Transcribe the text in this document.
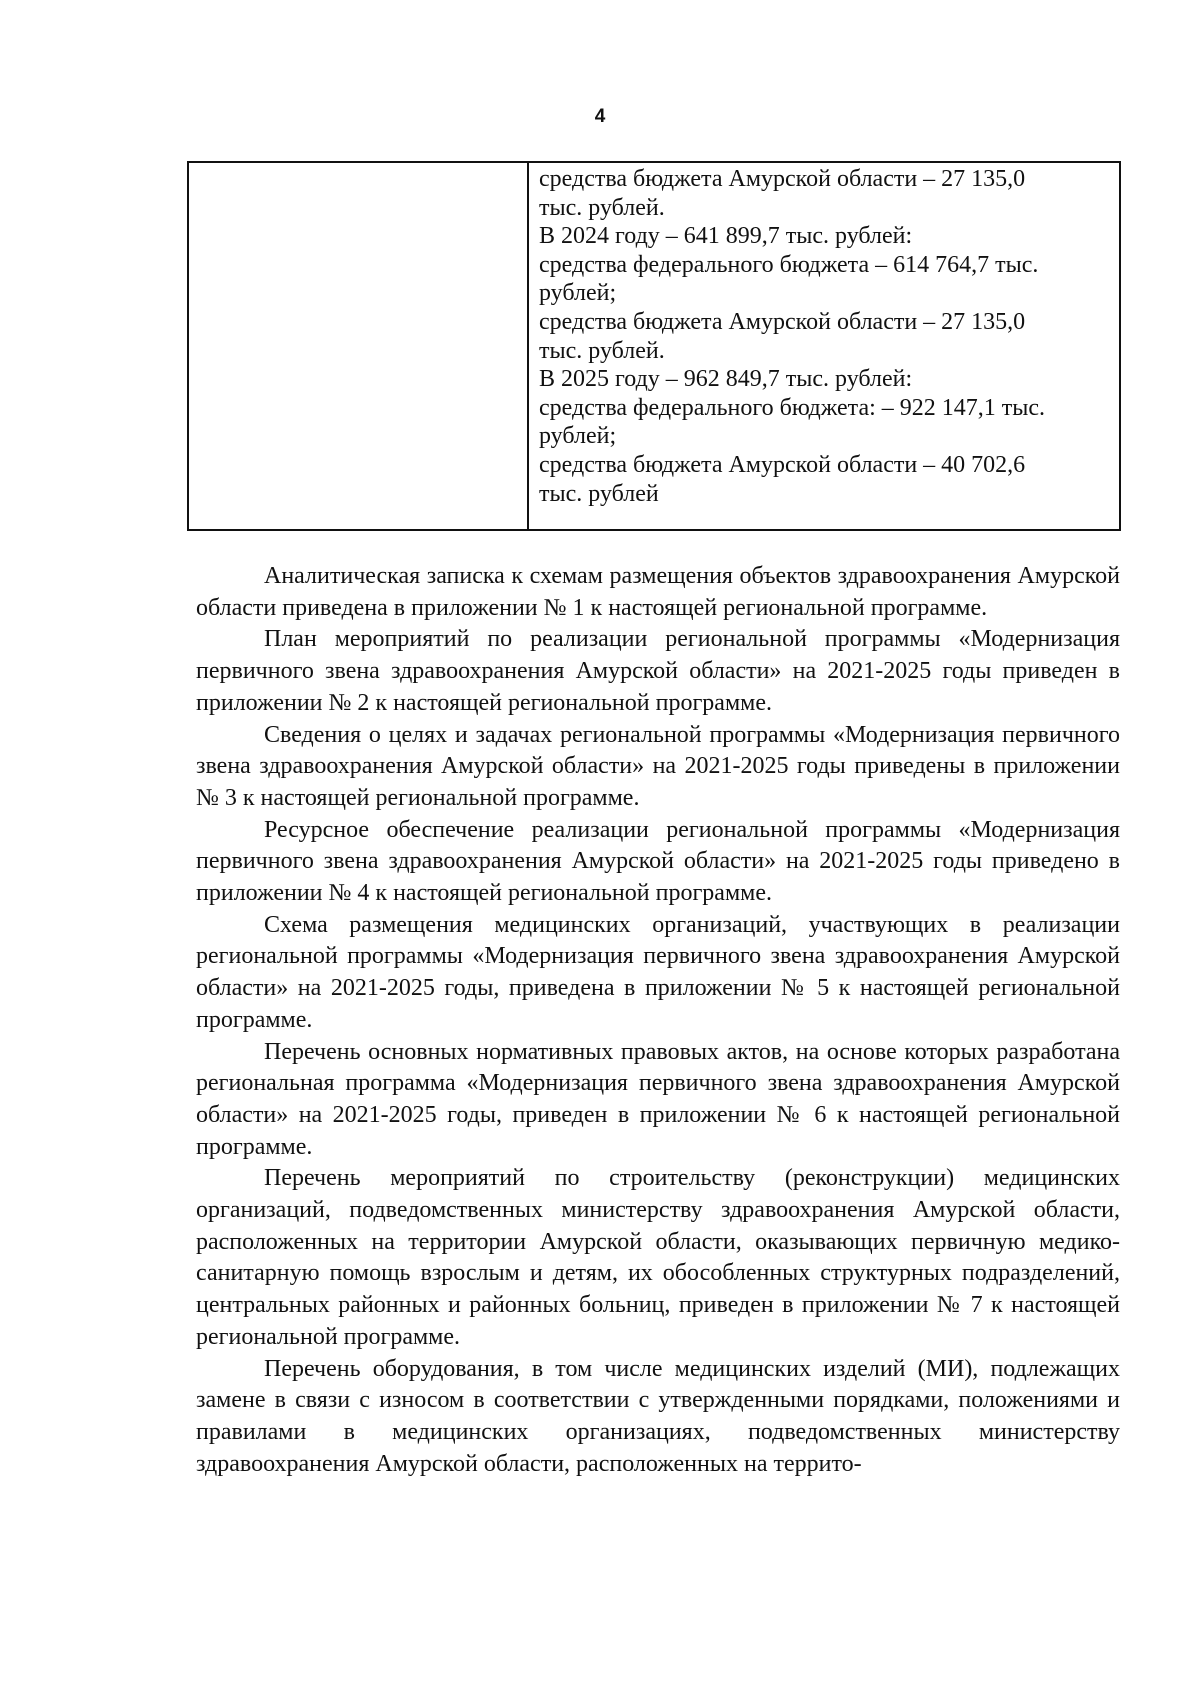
4
средства бюджета Амурской области – 27 135,0
тыс. рублей.
В 2024 году – 641 899,7 тыс. рублей:
средства федерального бюджета – 614 764,7 тыс.
рублей;
средства бюджета Амурской области – 27 135,0
тыс. рублей.
В 2025 году – 962 849,7 тыс. рублей:
средства федерального бюджета: – 922 147,1 тыс.
рублей;
средства бюджета Амурской области – 40 702,6
тыс. рублей

Аналитическая записка к схемам размещения объектов здравоохранения Амурской области приведена в приложении № 1 к настоящей региональной программе.

План мероприятий по реализации региональной программы «Модернизация первичного звена здравоохранения Амурской области» на 2021-2025 годы приведен в приложении № 2 к настоящей региональной программе.

Сведения о целях и задачах региональной программы «Модернизация первичного звена здравоохранения Амурской области» на 2021-2025 годы приведены в приложении № 3 к настоящей региональной программе.

Ресурсное обеспечение реализации региональной программы «Модернизация первичного звена здравоохранения Амурской области» на 2021-2025 годы приведено в приложении № 4 к настоящей региональной программе.

Схема размещения медицинских организаций, участвующих в реализации региональной программы «Модернизация первичного звена здравоохранения Амурской области» на 2021-2025 годы, приведена в приложении № 5 к настоящей региональной программе.

Перечень основных нормативных правовых актов, на основе которых разработана региональная программа «Модернизация первичного звена здравоохранения Амурской области» на 2021-2025 годы, приведен в приложении № 6 к настоящей региональной программе.

Перечень мероприятий по строительству (реконструкции) медицинских организаций, подведомственных министерству здравоохранения Амурской области, расположенных на территории Амурской области, оказывающих первичную медико-санитарную помощь взрослым и детям, их обособленных структурных подразделений, центральных районных и районных больниц, приведен в приложении № 7 к настоящей региональной программе.

Перечень оборудования, в том числе медицинских изделий (МИ), подлежащих замене в связи с износом в соответствии с утвержденными порядками, положениями и правилами в медицинских организациях, подведомственных министерству здравоохранения Амурской области, расположенных на террито-
